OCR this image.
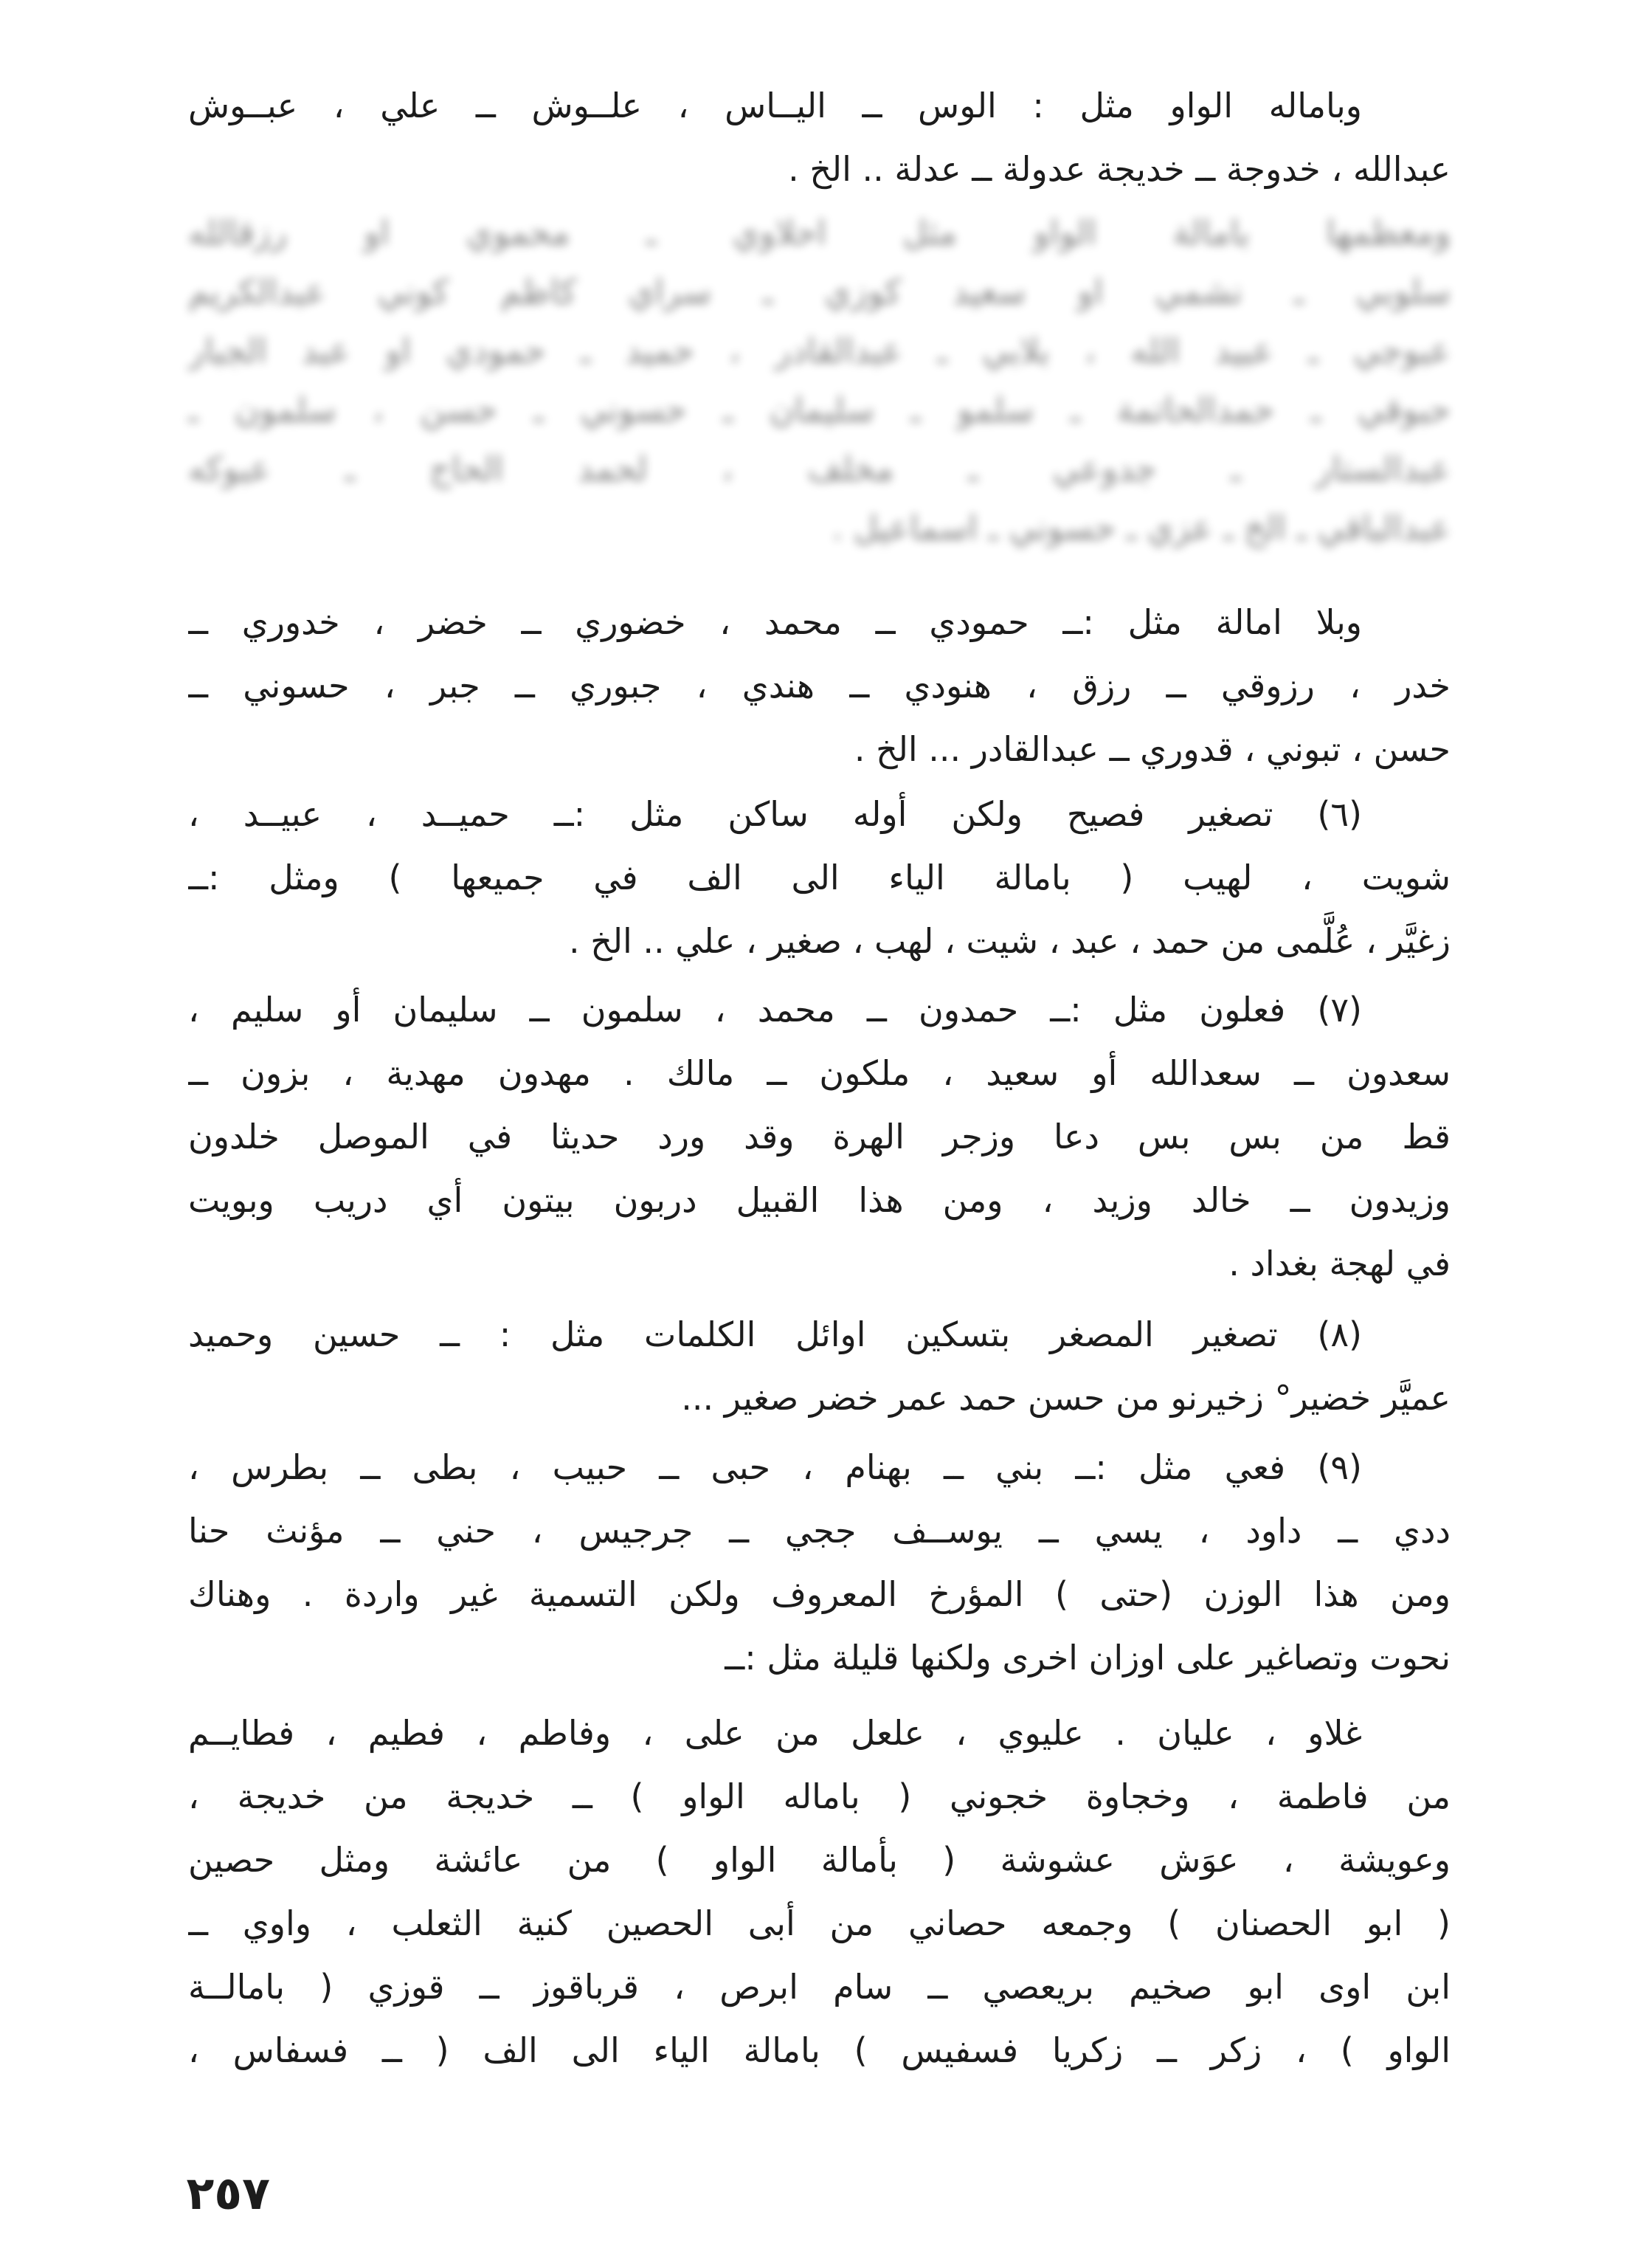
وباماله الواو مثل : الوس ــ اليــاس ، علــوش ــ علي ، عبــوش
عبدالله ، خدوجة ــ خديجة عدولة ــ عدلة .. الخ .
ومعظمها بامالة الواو مثل احلاوي ـ محموي او رزقالله
سلوبي ـ نشمي او سعيد كوزي ـ سراي كاظم كوني عبدالكريم
عبوجي ـ عبيد الله ، بلابي ـ عبدالقادر ، حميد ـ حمودي او عبد الجبار
حبوقي ـ حمدالحاتمة ـ سلمو ـ سليمان ـ حسوني ـ حسن ، سلمون ـ
عبدالستار ـ جدوعي ـ مخلف ، لحمد الحاج ـ عبوكه
عبدالباقي ـ الخ ـ عزي ـ حسوني ـ اسماعيل .
وبلا امالة مثل :ــ حمودي ــ محمد ، خضوري ــ خضر ، خدوري ــ
خدر ، رزوقي ــ رزق ، هنودي ــ هندي ، جبوري ــ جبر ، حسوني ــ
حسن ، تبوني ، قدوري ــ عبدالقادر ... الخ .
(٦) تصغير فصيح ولكن أوله ساكن مثل :ــ حميــد ، عبيــد ،
شويت ، لهيب ( بامالة الياء الى الف في جميعها ) ومثل :ــ
زغيَّر ، عُلَّمى من حمد ، عبد ، شيت ، لهب ، صغير ، علي .. الخ .
(٧) فعلون مثل :ــ حمدون ــ محمد ، سلمون ــ سليمان أو سليم ،
سعدون ــ سعدالله أو سعيد ، ملكون ــ مالك . مهدون مهدية ، بزون ــ
قط من بس بس دعا وزجر الهرة وقد ورد حديثا في الموصل خلدون
وزيدون ــ خالد وزيد ، ومن هذا القبيل دربون بيتون أي دريب وبويت
في لهجة بغداد .
(٨) تصغير المصغر بتسكين اوائل الكلمات مثل : ــ حسين وحميد
عميَّر خضير° زخيرنو من حسن حمد عمر خضر صغير ...
(٩) فعي مثل :ــ بني ــ بهنام ، حبى ــ حبيب ، بطى ــ بطرس ،
ددي ــ داود ، يسي ــ يوســف ججي ــ جرجيس ، حني ــ مؤنث حنا
ومن هذا الوزن (حتى ) المؤرخ المعروف ولكن التسمية غير واردة . وهناك
نحوت وتصاغير على اوزان اخرى ولكنها قليلة مثل :ــ
غلاو ، عليان . عليوي ، علعل من على ، وفاطم ، فطيم ، فطايــم
من فاطمة ، وخجاوة خجوني ( باماله الواو ) ــ خديجة من خديجة ،
وعويشة ، عوَش عشوشة ( بأمالة الواو ) من عائشة ومثل حصين
( ابو الحصنان ) وجمعه حصاني من أبى الحصين كنية الثعلب ، واوي ــ
ابن اوى ابو صخيم بريعصي ــ سام ابرص ، قرباقوز ــ قوزي ( بامالــة
الواو ) ، زكر ــ زكريا فسفيس ) بامالة الياء الى الف ( ــ فسفاس ،
٢٥٧
